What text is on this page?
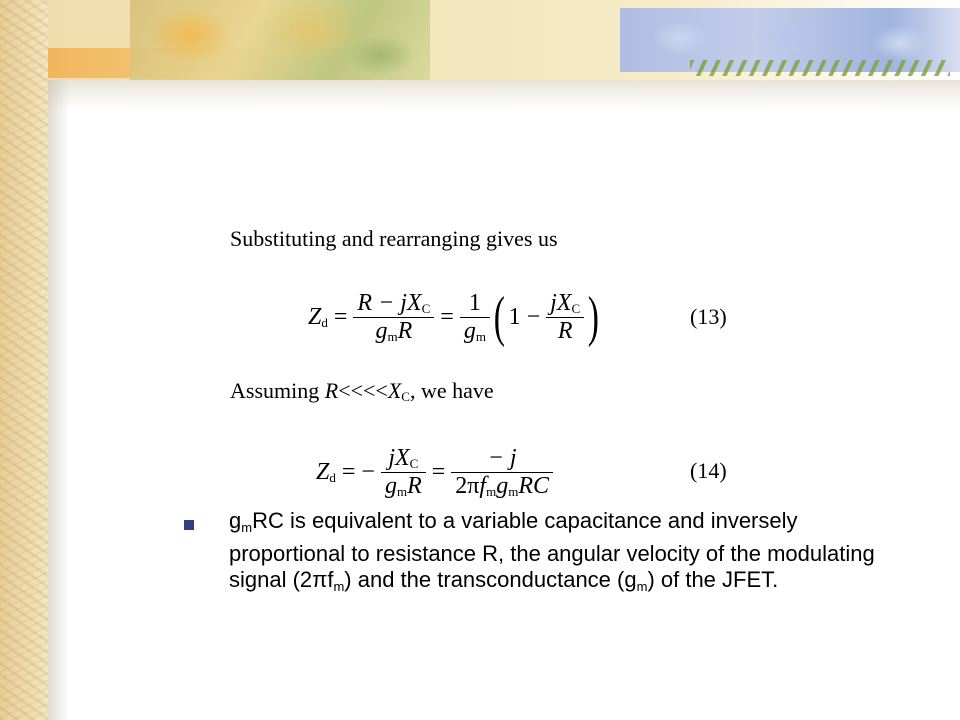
Substituting and rearranging gives us
$Z_d = \frac{R - jX_C}{g_mR} = \frac{1}{g_m}$ ( $1 - \frac{jX_C}{R}$ )	(13)
Assuming $R<<<<X_C$, we have
$Z_d$ = − $\frac{jX_C}{g_mR} = \frac{- j}{2\pi f_mg_mRC}$	(14)
$g_mRC$ is equivalent to a variable capacitance and inversely proportional to resistance R, the angular velocity of the modulating signal $(2\pi f_m)$ and the transconductance $(g_m)$ of the JFET.
